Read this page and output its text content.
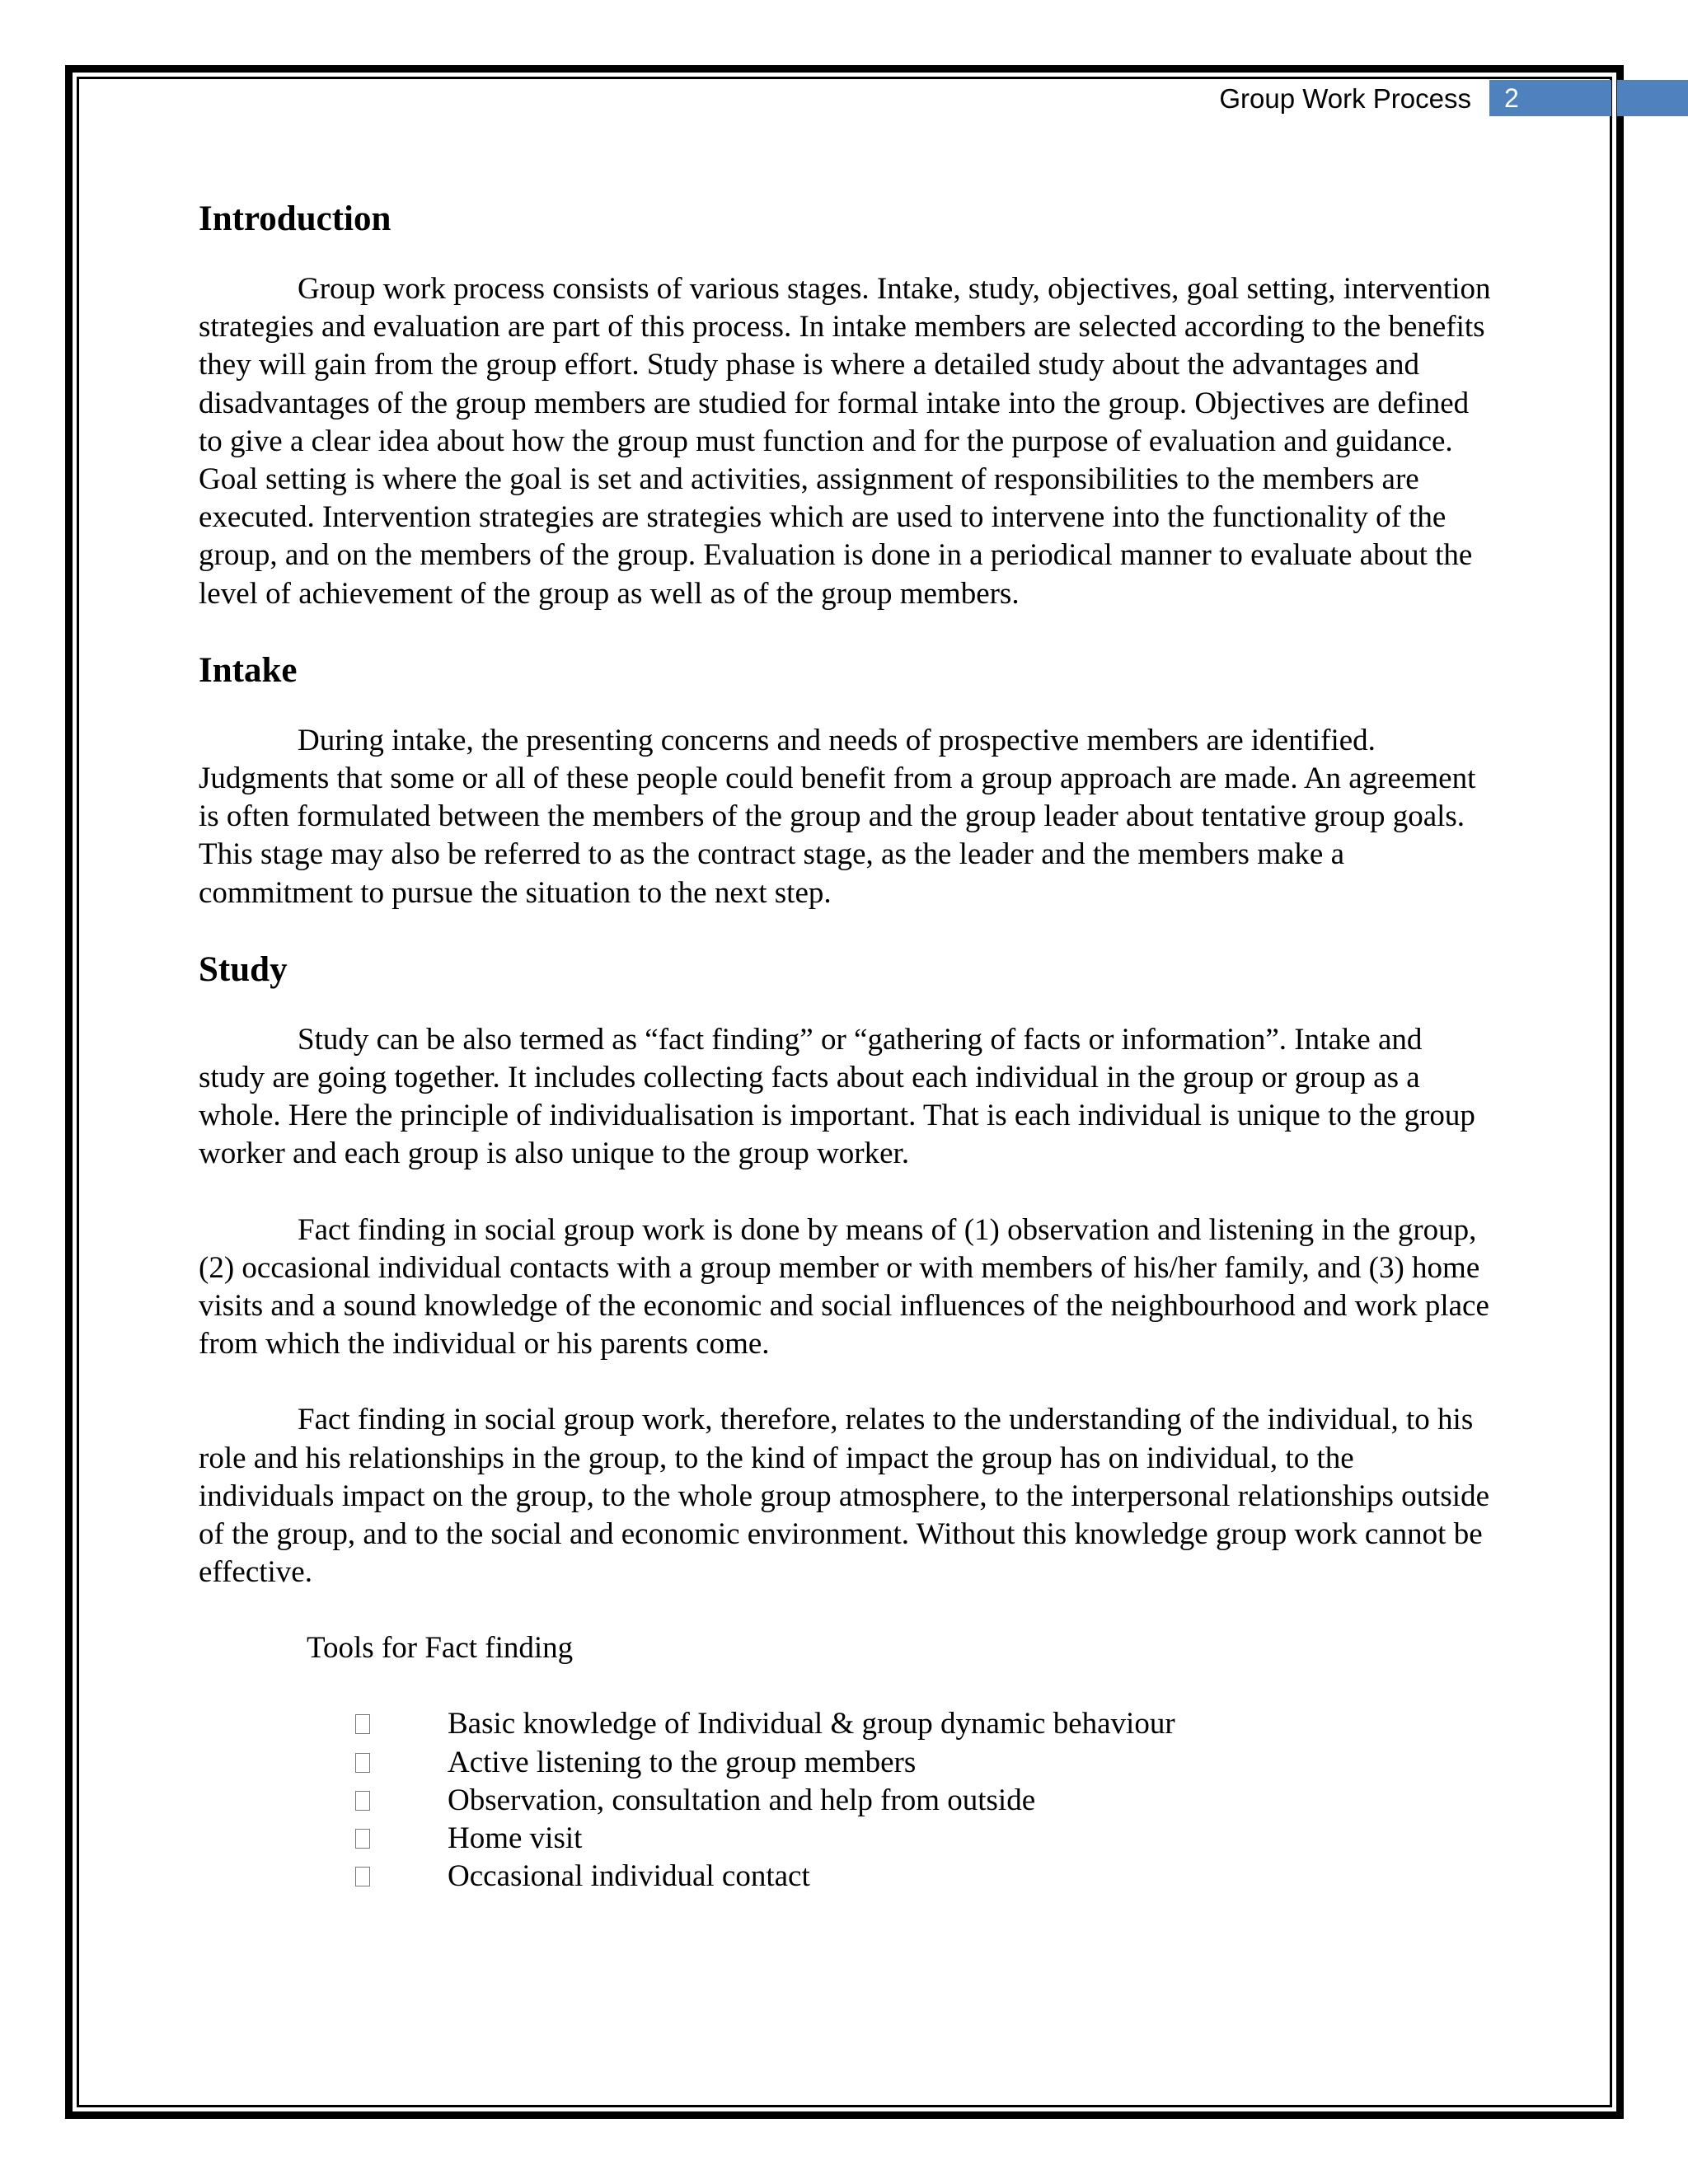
Group Work Process 2
Introduction

Group work process consists of various stages. Intake, study, objectives, goal setting, intervention strategies and evaluation are part of this process. In intake members are selected according to the benefits they will gain from the group effort. Study phase is where a detailed study about the advantages and disadvantages of the group members are studied for formal intake into the group. Objectives are defined to give a clear idea about how the group must function and for the purpose of evaluation and guidance. Goal setting is where the goal is set and activities, assignment of responsibilities to the members are executed. Intervention strategies are strategies which are used to intervene into the functionality of the group, and on the members of the group. Evaluation is done in a periodical manner to evaluate about the level of achievement of the group as well as of the group members.

Intake

During intake, the presenting concerns and needs of prospective members are identified. Judgments that some or all of these people could benefit from a group approach are made. An agreement is often formulated between the members of the group and the group leader about tentative group goals. This stage may also be referred to as the contract stage, as the leader and the members make a commitment to pursue the situation to the next step.

Study

Study can be also termed as “fact finding” or “gathering of facts or information”. Intake and study are going together. It includes collecting facts about each individual in the group or group as a whole. Here the principle of individualisation is important. That is each individual is unique to the group worker and each group is also unique to the group worker.

Fact finding in social group work is done by means of (1) observation and listening in the group, (2) occasional individual contacts with a group member or with members of his/her family, and (3) home visits and a sound knowledge of the economic and social influences of the neighbourhood and work place from which the individual or his parents come.

Fact finding in social group work, therefore, relates to the understanding of the individual, to his role and his relationships in the group, to the kind of impact the group has on individual, to the individuals impact on the group, to the whole group atmosphere, to the interpersonal relationships outside of the group, and to the social and economic environment. Without this knowledge group work cannot be effective.

Tools for Fact finding
Basic knowledge of Individual & group dynamic behaviour
Active listening to the group members
Observation, consultation and help from outside
Home visit
Occasional individual contact
